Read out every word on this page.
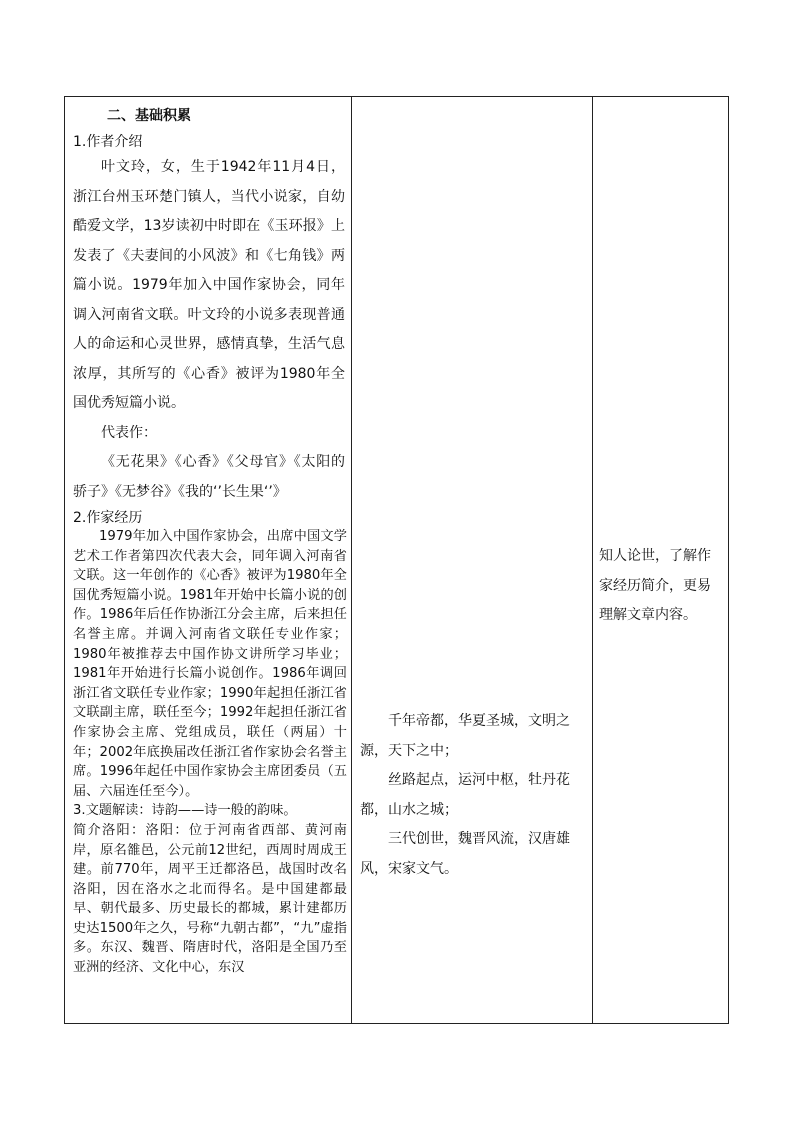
二、基础积累

1.作者介绍

叶文玲，女，生于1942年11月4日，浙江台州玉环楚门镇人，当代小说家，自幼酷爱文学，13岁读初中时即在《玉环报》上发表了《夫妻间的小风波》和《七角钱》两篇小说。1979年加入中国作家协会，同年调入河南省文联。叶文玲的小说多表现普通人的命运和心灵世界，感情真挚，生活气息浓厚，其所写的《心香》被评为1980年全国优秀短篇小说。

代表作：

《无花果》《心香》《父母官》《太阳的骄子》《无梦谷》《我的‘’长生果‘’》

2.作家经历

1979年加入中国作家协会，出席中国文学艺术工作者第四次代表大会，同年调入河南省文联。这一年创作的《心香》被评为1980年全国优秀短篇小说。1981年开始中长篇小说的创作。1986年后任作协浙江分会主席，后来担任名誉主席。并调入河南省文联任专业作家；1980年被推荐去中国作协文讲所学习毕业；1981年开始进行长篇小说创作。1986年调回浙江省文联任专业作家；1990年起担任浙江省文联副主席，联任至今；1992年起担任浙江省作家协会主席、党组成员，联任（两届）十年；2002年底换届改任浙江省作家协会名誉主席。1996年起任中国作家协会主席团委员（五届、六届连任至今）。

3.文题解读：诗韵——诗一般的韵味。

简介洛阳：洛阳：位于河南省西部、黄河南岸，原名雒邑，公元前12世纪，西周时周成王建。前770年，周平王迁都洛邑，战国时改名洛阳，因在洛水之北而得名。是中国建都最早、朝代最多、历史最长的都城，累计建都历史达1500年之久，号称“九朝古都”，“九”虚指多。东汉、魏晋、隋唐时代，洛阳是全国乃至亚洲的经济、文化中心，东汉

千年帝都，华夏圣城，文明之源，天下之中；

丝路起点，运河中枢，牡丹花都，山水之城；

三代创世，魏晋风流，汉唐雄风，宋家文气。

知人论世，了解作家经历简介，更易理解文章内容。
